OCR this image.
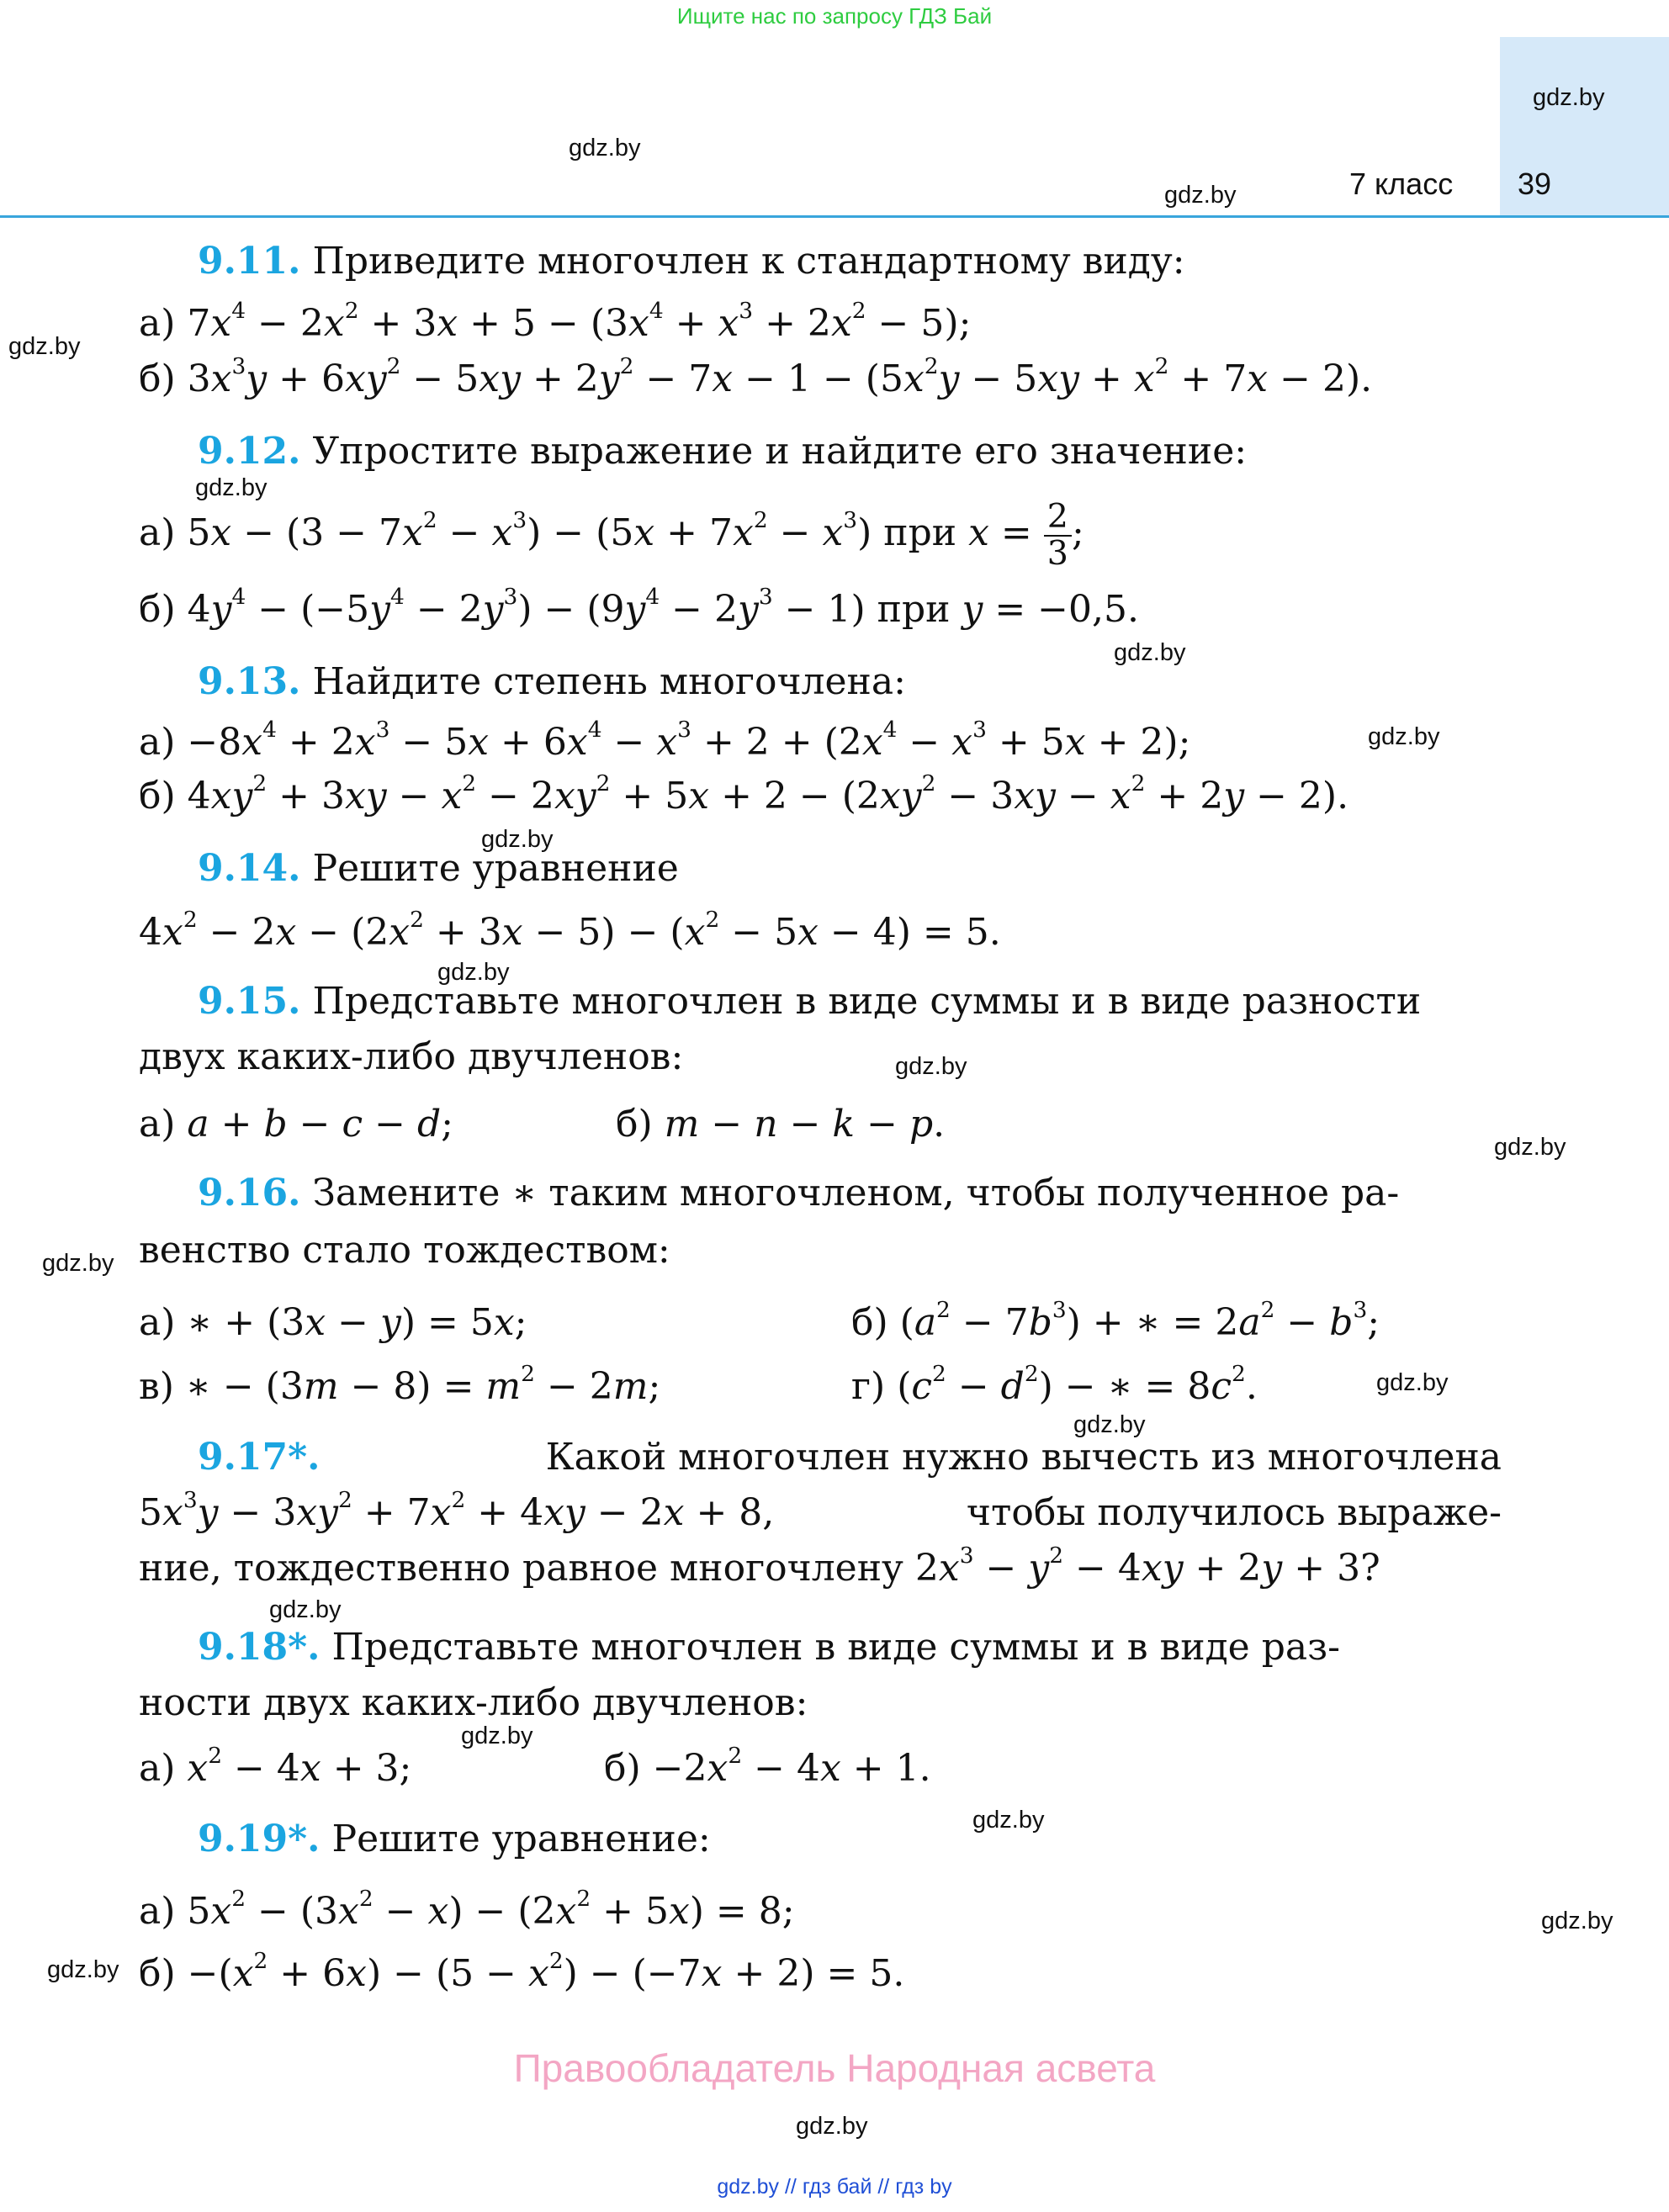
Ищите нас по запросу ГДЗ Бай
7 класс 39
gdz.by
gdz.by
gdz.by
gdz.by
gdz.by
gdz.by
gdz.by
gdz.by
gdz.by
gdz.by
gdz.by
gdz.by
gdz.by
gdz.by
gdz.by
gdz.by
gdz.by
gdz.by
gdz.by
gdz.by
9.11. Приведите многочлен к стандартному виду:
а) $7x^4 - 2x^2 + 3x + 5 - (3x^4 + x^3 + 2x^2 - 5)$;
б) $3x^3y + 6xy^2 - 5xy + 2y^2 - 7x - 1 - (5x^2y - 5xy + x^2 + 7x - 2)$.
9.12. Упростите выражение и найдите его значение:
а) $5x - (3 - 7x^2 - x^3) - (5x + 7x^2 - x^3)$ при $x = \frac{2}{3}$ ;
б) $4y^4 - (-5y^4 - 2y^3) - (9y^4 - 2y^3 - 1)$ при y = −0,5.
9.13. Найдите степень многочлена:
$а) -8x^4 + 2x^3 - 5x + 6x^4 - x^3 + 2 + (2x^4 - x^3 + 5x + 2)$;
б) $4xy^2 + 3xy - x^2 - 2xy^2 + 5x + 2 - (2xy^2 - 3xy - x^2 + 2y - 2)$.
9.14. Решите уравнение
$4x^2 - 2x - (2x^2 + 3x - 5) - (x^2 - 5x - 4) = 5$.
9.15. Представьте многочлен в виде суммы и в виде разности
двух каких-либо двучленов:
а) a + b − c − d;	б) m − n − k − p.
9.16. Замените ∗ таким многочленом, чтобы полученное ра-
венство стало тождеством:
а) ∗ + (3x − y) = 5x;	б) $(a^2 - 7b^3)$ + ∗ = $2a^2 - b^3$;
в) ∗ − $(3m - 8) = m^2 - 2m$;	г) $(c^2 - d^2)$ − ∗ = $8c^2$.
9.17*.	Какой многочлен нужно вычесть из многочлена
$5x^3y - 3xy^2 + 7x^2 + 4xy - 2x + 8$,	чтобы получилось выраже-
ние, тождественно равное многочлену $2x^3 - y^2 - 4xy + 2y + 3$?
9.18*. Представьте многочлен в виде суммы и в виде раз-
ности двух каких-либо двучленов:
а) $x^2 - 4x + 3$;	$б) -2x^2 - 4x + 1$.
9.19*. Решите уравнение:
а) $5x^2 - (3x^2 - x) - (2x^2 + 5x) = 8$;
$б) -(x^2 + 6x) - (5 - x^2) - (-7x + 2) = 5$.
Правообладатель Народная асвета
gdz.by // гдз бай // гдз by
